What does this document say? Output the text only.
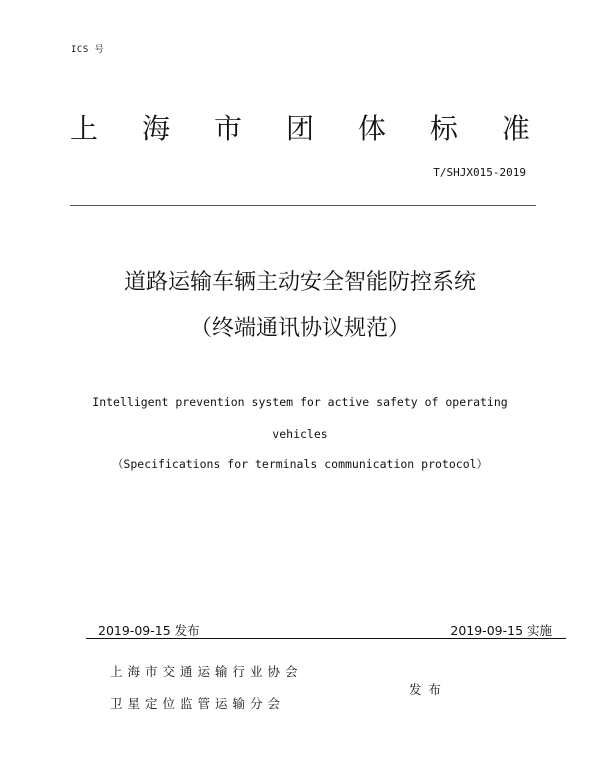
ICS 号
上 海 市 团 体 标 准
T/SHJX015-2019
道路运输车辆主动安全智能防控系统
（终端通讯协议规范）
Intelligent prevention system for active safety of operating
vehicles
（Specifications for terminals communication protocol）
2019-09-15 发布	2019-09-15 实施
上海市交通运输行业协会
卫星定位监管运输分会
发布
